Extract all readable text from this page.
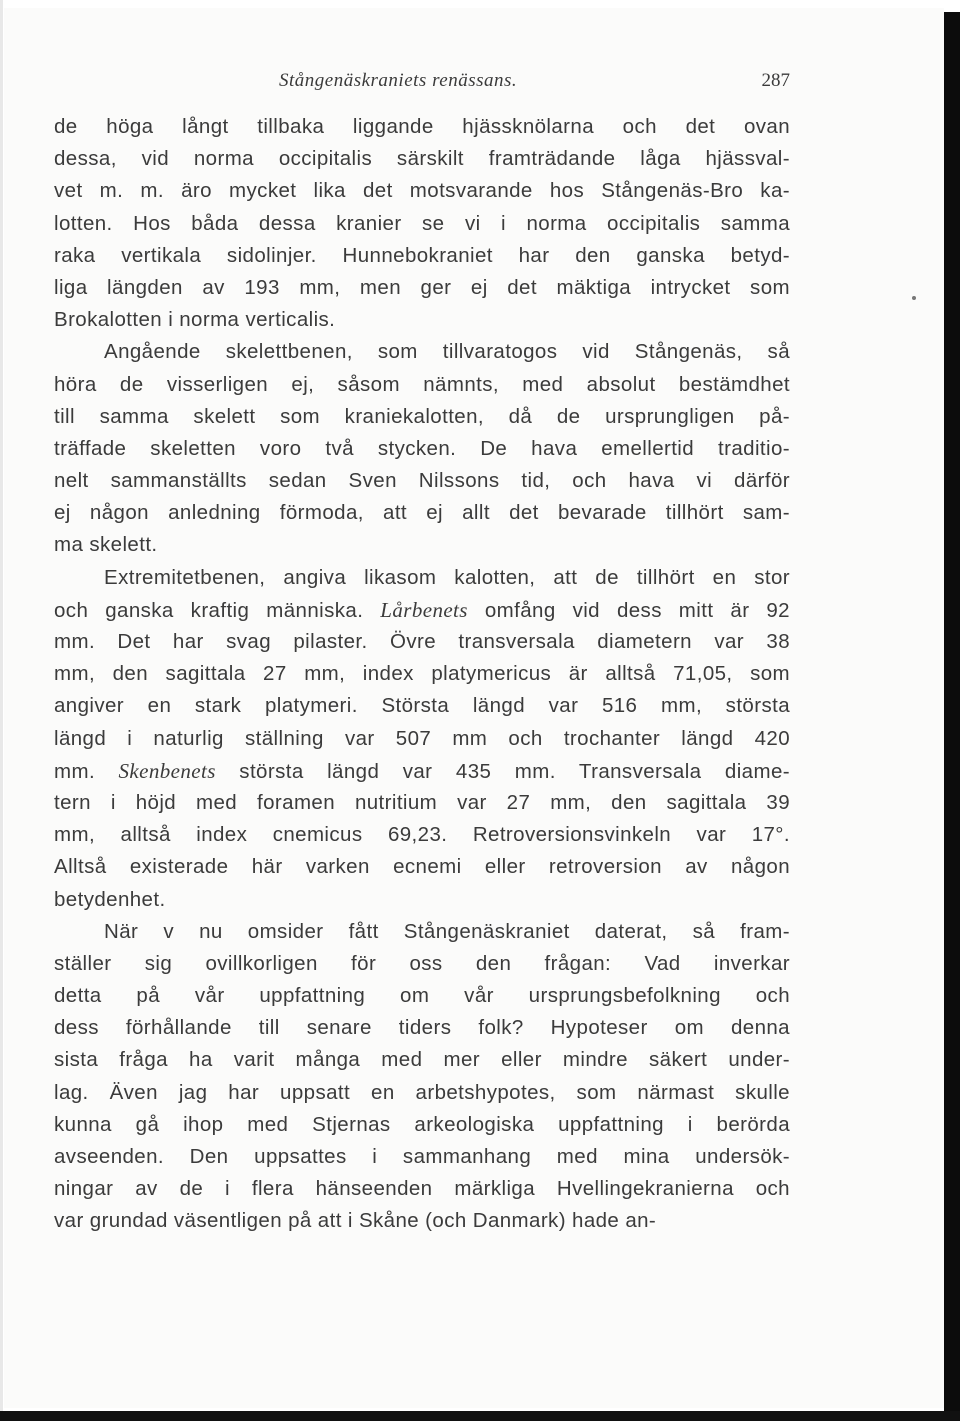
Stångenäskraniets renässans.	287
de höga långt tillbaka liggande hjässknölarna och det ovan
dessa, vid norma occipitalis särskilt framträdande låga hjässval-
vet m. m. äro mycket lika det motsvarande hos Stångenäs-Bro ka-
lotten. Hos båda dessa kranier se vi i norma occipitalis samma
raka vertikala sidolinjer. Hunnebokraniet har den ganska betyd-
liga längden av 193 mm, men ger ej det mäktiga intrycket som
Brokalotten i norma verticalis.
Angående skelettbenen, som tillvaratogos vid Stångenäs, så
höra de visserligen ej, såsom nämnts, med absolut bestämdhet
till samma skelett som kraniekalotten, då de ursprungligen på-
träffade skeletten voro två stycken. De hava emellertid traditio-
nelt sammanställts sedan Sven Nilssons tid, och hava vi därför
ej någon anledning förmoda, att ej allt det bevarade tillhört sam-
ma skelett.
Extremitetbenen, angiva likasom kalotten, att de tillhört en stor
och ganska kraftig människa. Lårbenets omfång vid dess mitt är 92
mm. Det har svag pilaster. Övre transversala diametern var 38
mm, den sagittala 27 mm, index platymericus är alltså 71,05, som
angiver en stark platymeri. Största längd var 516 mm, största
längd i naturlig ställning var 507 mm och trochanter längd 420
mm. Skenbenets största längd var 435 mm. Transversala diame-
tern i höjd med foramen nutritium var 27 mm, den sagittala 39
mm, alltså index cnemicus 69,23. Retroversionsvinkeln var 17°.
Alltså existerade här varken ecnemi eller retroversion av någon
betydenhet.
När v nu omsider fått Stångenäskraniet daterat, så fram-
ställer sig ovillkorligen för oss den frågan: Vad inverkar
detta på vår uppfattning om vår ursprungsbefolkning och
dess förhållande till senare tiders folk? Hypoteser om denna
sista fråga ha varit många med mer eller mindre säkert under-
lag. Även jag har uppsatt en arbetshypotes, som närmast skulle
kunna gå ihop med Stjernas arkeologiska uppfattning i berörda
avseenden. Den uppsattes i sammanhang med mina undersök-
ningar av de i flera hänseenden märkliga Hvellingekranierna och
var grundad väsentligen på att i Skåne (och Danmark) hade an-
